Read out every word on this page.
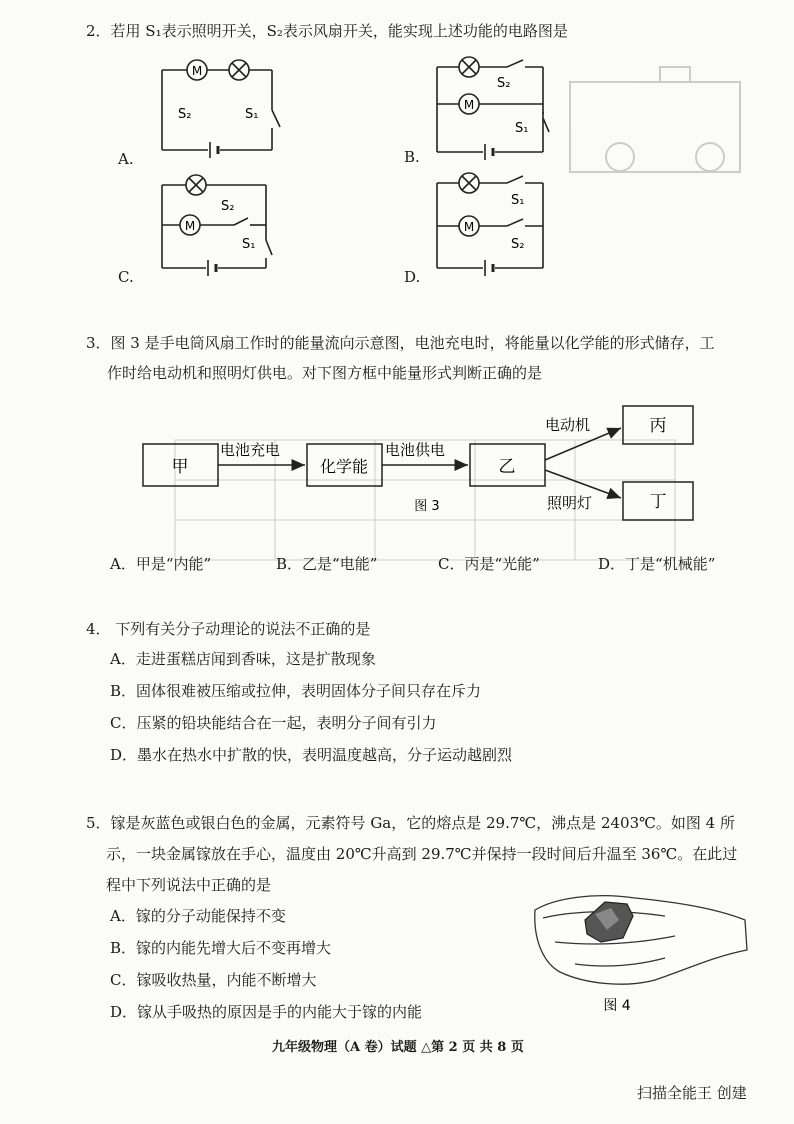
2．若用 S₁表示照明开关，S₂表示风扇开关，能实现上述功能的电路图是
M
S₂	S₁
A.
M
S₂
S₁
B.
M
S₂
S₁
C.
M
S₁
S₂
D.
3．图 3 是手电筒风扇工作时的能量流向示意图，电池充电时，将能量以化学能的形式储存，工
作时给电动机和照明灯供电。对下图方框中能量形式判断正确的是
甲	化学能	乙
丙
丁
电池充电	电池供电
电动机
照明灯
图 3
A．甲是“内能”	B．乙是“电能”	C．丙是“光能”	D．丁是“机械能”
4． 下列有关分子动理论的说法不正确的是
A．走进蛋糕店闻到香味，这是扩散现象
B．固体很难被压缩或拉伸，表明固体分子间只存在斥力
C．压紧的铅块能结合在一起，表明分子间有引力
D．墨水在热水中扩散的快，表明温度越高，分子运动越剧烈
5．镓是灰蓝色或银白色的金属，元素符号 Ga，它的熔点是 29.7℃，沸点是 2403℃。如图 4 所
示，一块金属镓放在手心，温度由 20℃升高到 29.7℃并保持一段时间后升温至 36℃。在此过
程中下列说法中正确的是
A．镓的分子动能保持不变
B．镓的内能先增大后不变再增大
C．镓吸收热量，内能不断增大
D．镓从手吸热的原因是手的内能大于镓的内能	图 4
九年级物理（A 卷）试题 △第 2 页 共 8 页
扫描全能王 创建
